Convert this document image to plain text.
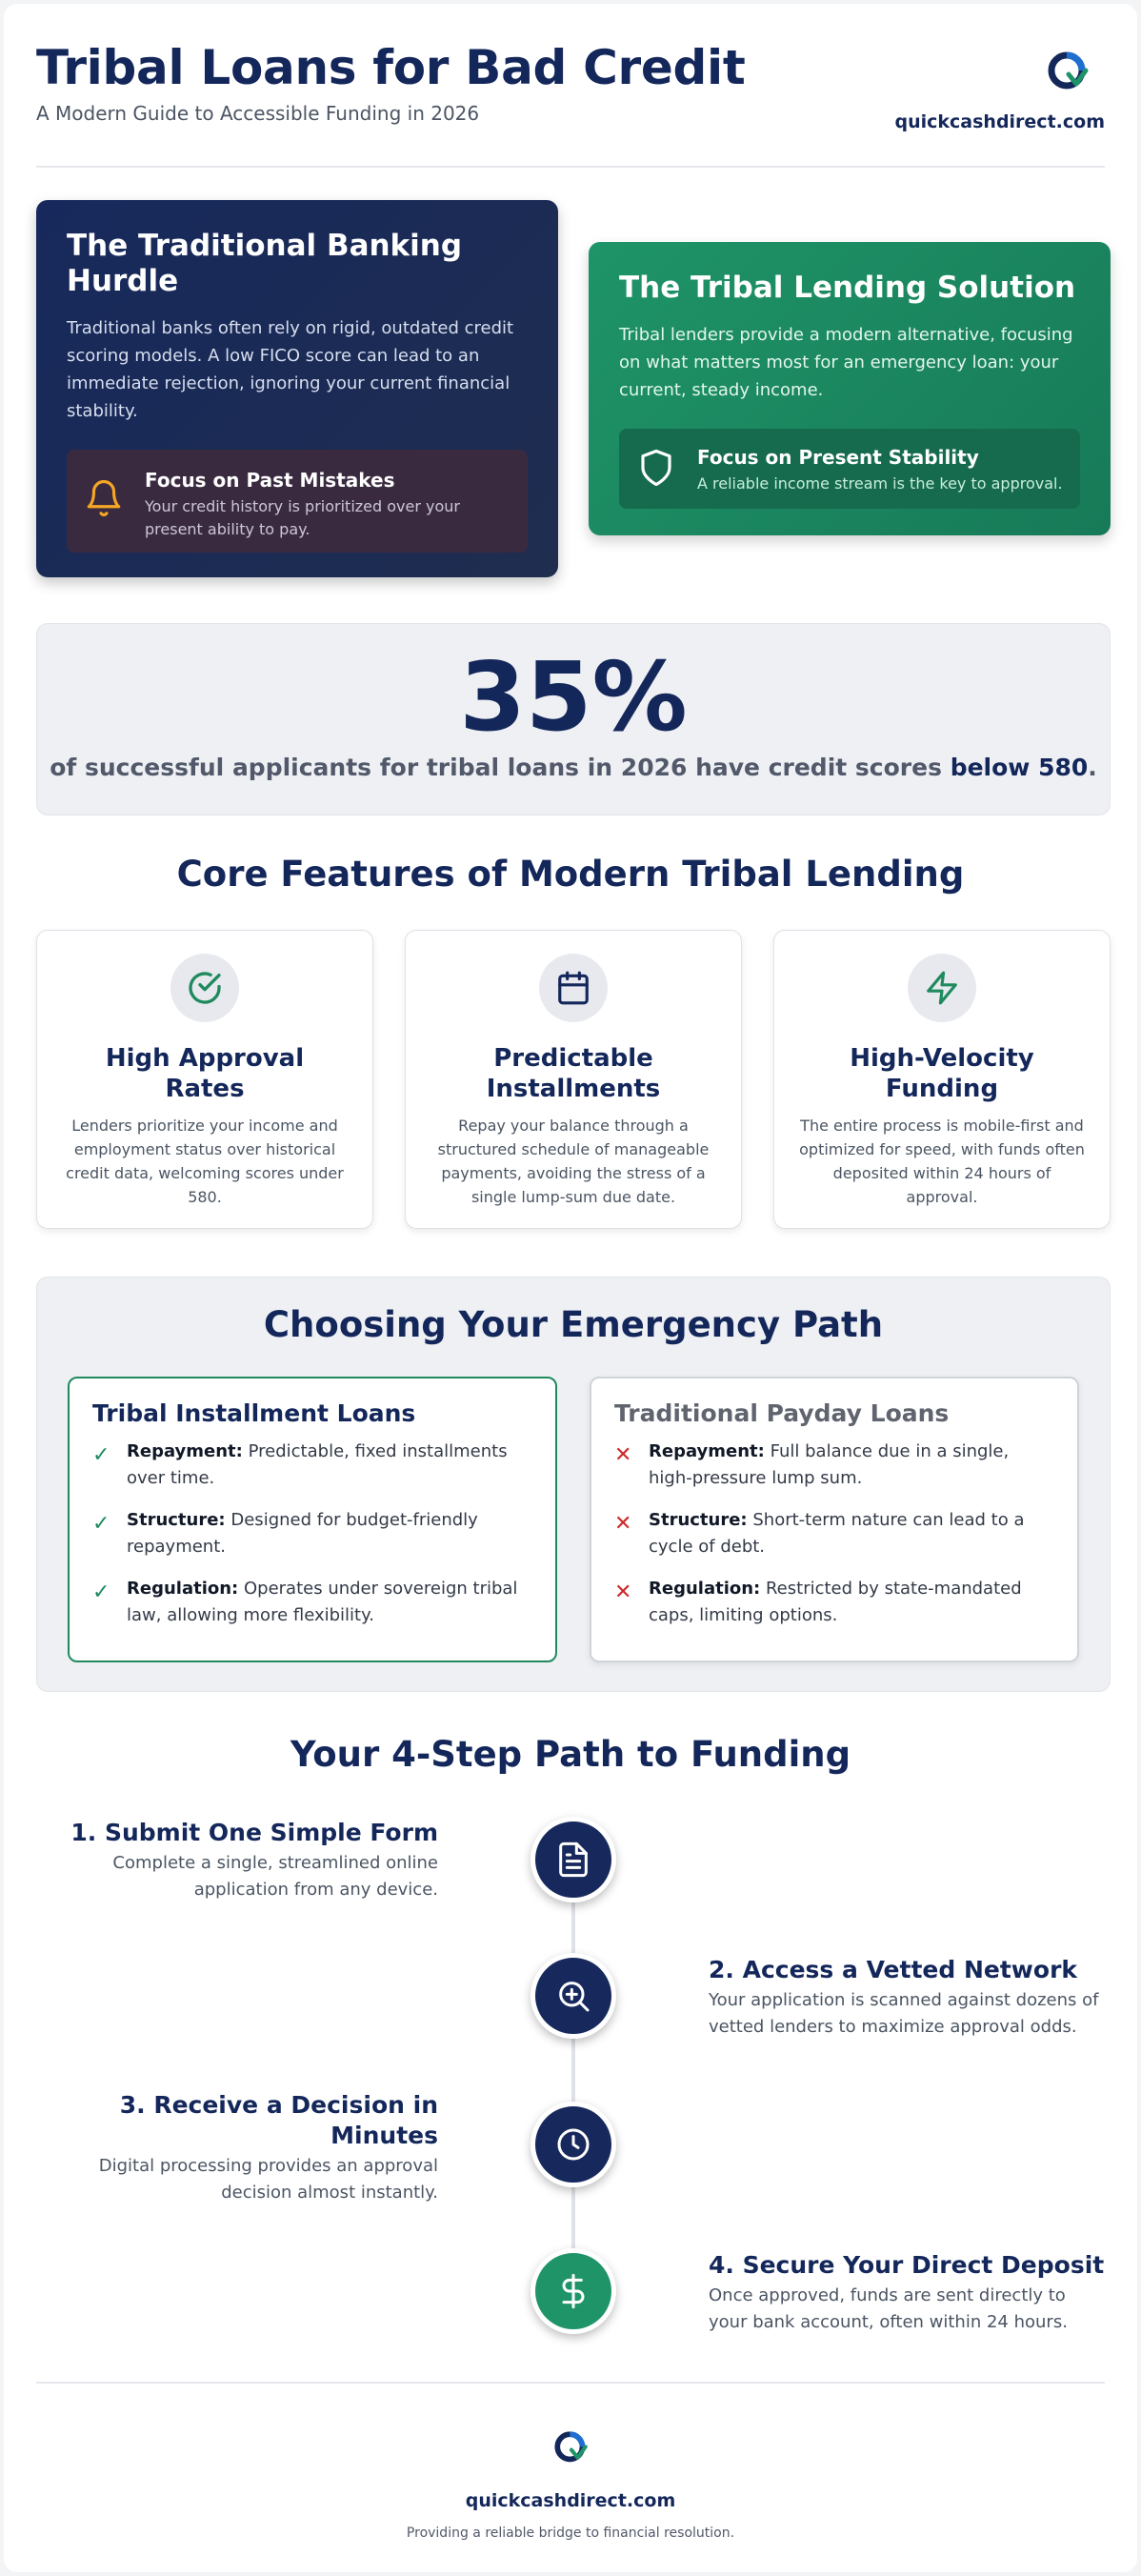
Tribal Loans for Bad Credit
A Modern Guide to Accessible Funding in 2026	quickcashdirect.com
The Traditional Banking Hurdle

Traditional banks often rely on rigid, outdated credit scoring models. A low FICO score can lead to an immediate rejection, ignoring your current financial stability.

Focus on Past Mistakes
Your credit history is prioritized over your present ability to pay.
The Tribal Lending Solution

Tribal lenders provide a modern alternative, focusing on what matters most for an emergency loan: your current, steady income.

Focus on Present Stability
A reliable income stream is the key to approval.
35%
of successful applicants for tribal loans in 2026 have credit scores below 580.
Core Features of Modern Tribal Lending
High Approval Rates

Lenders prioritize your income and employment status over historical credit data, welcoming scores under 580.

Predictable Installments

Repay your balance through a structured schedule of manageable payments, avoiding the stress of a single lump-sum due date.

High-Velocity Funding

The entire process is mobile-first and optimized for speed, with funds often deposited within 24 hours of approval.

Choosing Your Emergency Path
Tribal Installment Loans
✓ Repayment: Predictable, fixed installments over time.
✓ Structure: Designed for budget-friendly repayment.
✓ Regulation: Operates under sovereign tribal law, allowing more flexibility.
Traditional Payday Loans
✕ Repayment: Full balance due in a single, high-pressure lump sum.
✕ Structure: Short-term nature can lead to a cycle of debt.
✕ Regulation: Restricted by state-mandated caps, limiting options.
Your 4-Step Path to Funding
1. Submit One Simple Form

Complete a single, streamlined online application from any device.

2. Access a Vetted Network

Your application is scanned against dozens of vetted lenders to maximize approval odds.

3. Receive a Decision in Minutes

Digital processing provides an approval decision almost instantly.

4. Secure Your Direct Deposit

Once approved, funds are sent directly to your bank account, often within 24 hours.

quickcashdirect.com
Providing a reliable bridge to financial resolution.
